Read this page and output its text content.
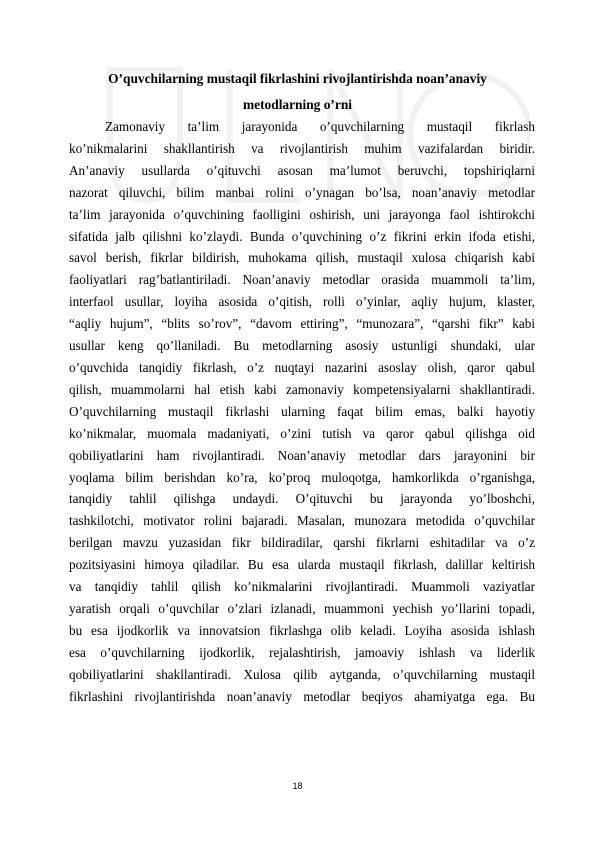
O’quvchilarning mustaqil fikrlashini rivojlantirishda noan’anaviy
metodlarning o’rni
Zamonaviy ta’lim jarayonida o’quvchilarning mustaqil fikrlash
ko’nikmalarini shakllantirish va rivojlantirish muhim vazifalardan biridir.
An’anaviy usullarda o’qituvchi asosan ma’lumot beruvchi, topshiriqlarni
nazorat qiluvchi, bilim manbai rolini o’ynagan bo’lsa, noan’anaviy metodlar
ta’lim jarayonida o’quvchining faolligini oshirish, uni jarayonga faol ishtirokchi
sifatida jalb qilishni ko’zlaydi. Bunda o’quvchining o’z fikrini erkin ifoda etishi,
savol berish, fikrlar bildirish, muhokama qilish, mustaqil xulosa chiqarish kabi
faoliyatlari rag’batlantiriladi. Noan’anaviy metodlar orasida muammoli ta’lim,
interfaol usullar, loyiha asosida o’qitish, rolli o’yinlar, aqliy hujum, klaster,
“aqliy hujum”, “blits so’rov”, “davom ettiring”, “munozara”, “qarshi fikr” kabi
usullar keng qo’llaniladi. Bu metodlarning asosiy ustunligi shundaki, ular
o’quvchida tanqidiy fikrlash, o’z nuqtayi nazarini asoslay olish, qaror qabul
qilish, muammolarni hal etish kabi zamonaviy kompetensiyalarni shakllantiradi.
O’quvchilarning mustaqil fikrlashi ularning faqat bilim emas, balki hayotiy
ko’nikmalar, muomala madaniyati, o’zini tutish va qaror qabul qilishga oid
qobiliyatlarini ham rivojlantiradi. Noan’anaviy metodlar dars jarayonini bir
yoqlama bilim berishdan ko’ra, ko’proq muloqotga, hamkorlikda o’rganishga,
tanqidiy tahlil qilishga undaydi. O’qituvchi bu jarayonda yo’lboshchi,
tashkilotchi, motivator rolini bajaradi. Masalan, munozara metodida o’quvchilar
berilgan mavzu yuzasidan fikr bildiradilar, qarshi fikrlarni eshitadilar va o’z
pozitsiyasini himoya qiladilar. Bu esa ularda mustaqil fikrlash, dalillar keltirish
va tanqidiy tahlil qilish ko’nikmalarini rivojlantiradi. Muammoli vaziyatlar
yaratish orqali o’quvchilar o’zlari izlanadi, muammoni yechish yo’llarini topadi,
bu esa ijodkorlik va innovatsion fikrlashga olib keladi. Loyiha asosida ishlash
esa o’quvchilarning ijodkorlik, rejalashtirish, jamoaviy ishlash va liderlik
qobiliyatlarini shakllantiradi. Xulosa qilib aytganda, o’quvchilarning mustaqil
fikrlashini rivojlantirishda noan’anaviy metodlar beqiyos ahamiyatga ega. Bu
18
